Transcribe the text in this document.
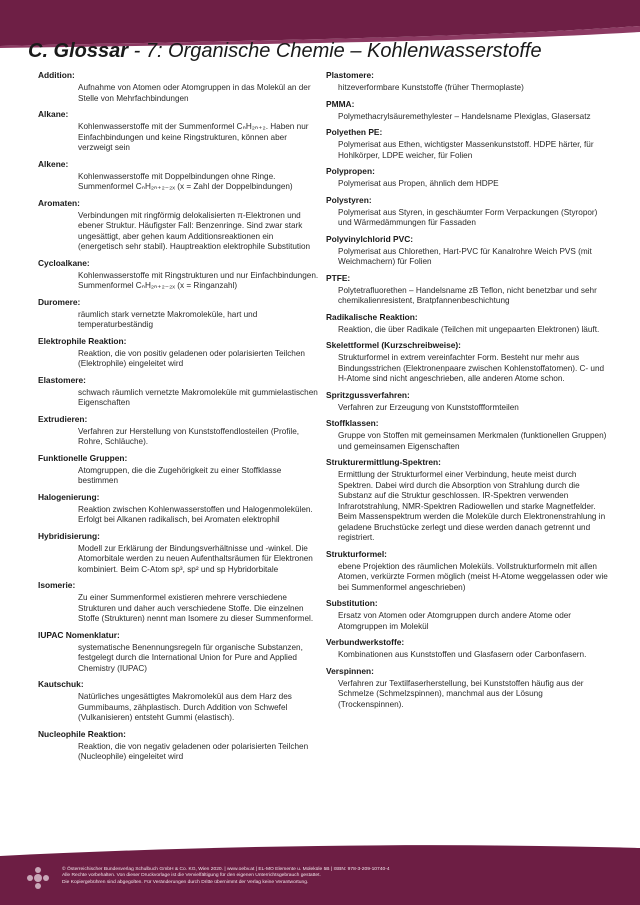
C. Glossar - 7: Organische Chemie – Kohlenwasserstoffe
Addition:
Aufnahme von Atomen oder Atomgruppen in das Molekül an der Stelle von Mehrfachbindungen
Alkane:
Kohlenwasserstoffe mit der Summenformel CₙH₂ₙ₊₂. Haben nur Einfachbindungen und keine Ringstrukturen, können aber verzweigt sein
Alkene:
Kohlenwasserstoffe mit Doppelbindungen ohne Ringe. Summenformel CₙH₂ₙ₊₂₋₂ₓ (x = Zahl der Doppelbindungen)
Aromaten:
Verbindungen mit ringförmig delokalisierten π-Elektronen und ebener Struktur. Häufigster Fall: Benzenringe. Sind zwar stark ungesättigt, aber gehen kaum Additionsreaktionen ein (energetisch sehr stabil). Hauptreaktion elektrophile Substitution
Cycloalkane:
Kohlenwasserstoffe mit Ringstrukturen und nur Einfachbindungen. Summenformel CₙH₂ₙ₊₂₋₂ₓ (x = Ringanzahl)
Duromere:
räumlich stark vernetzte Makromoleküle, hart und temperaturbeständig
Elektrophile Reaktion:
Reaktion, die von positiv geladenen oder polarisierten Teilchen (Elektrophile) eingeleitet wird
Elastomere:
schwach räumlich vernetzte Makromoleküle mit gummielastischen Eigenschaften
Extrudieren:
Verfahren zur Herstellung von Kunststoffendlosteilen (Profile, Rohre, Schläuche).
Funktionelle Gruppen:
Atomgruppen, die die Zugehörigkeit zu einer Stoffklasse bestimmen
Halogenierung:
Reaktion zwischen Kohlenwasserstoffen und Halogenmolekülen. Erfolgt bei Alkanen radikalisch, bei Aromaten elektrophil
Hybridisierung:
Modell zur Erklärung der Bindungsverhältnisse und -winkel. Die Atomorbitale werden zu neuen Aufenthaltsräumen für Elektronen kombiniert. Beim C-Atom sp³, sp² und sp Hybridorbitale
Isomerie:
Zu einer Summenformel existieren mehrere verschiedene Strukturen und daher auch verschiedene Stoffe. Die einzelnen Stoffe (Strukturen) nennt man Isomere zu dieser Summenformel.
IUPAC Nomenklatur:
systematische Benennungsregeln für organische Substanzen, festgelegt durch die International Union for Pure and Applied Chemistry (IUPAC)
Kautschuk:
Natürliches ungesättigtes Makromolekül aus dem Harz des Gummibaums, zähplastisch. Durch Addition von Schwefel (Vulkanisieren) entsteht Gummi (elastisch).
Nucleophile Reaktion:
Reaktion, die von negativ geladenen oder polarisierten Teilchen (Nucleophile) eingeleitet wird
Plastomere:
hitzeverformbare Kunststoffe (früher Thermoplaste)
PMMA:
Polymethacrylsäuremethylester – Handelsname Plexiglas, Glasersatz
Polyethen PE:
Polymerisat aus Ethen, wichtigster Massenkunststoff. HDPE härter, für Hohlkörper, LDPE weicher, für Folien
Polypropen:
Polymerisat aus Propen, ähnlich dem HDPE
Polystyren:
Polymerisat aus Styren, in geschäumter Form Verpackungen (Styropor) und Wärmedämmungen für Fassaden
Polyvinylchlorid PVC:
Polymerisat aus Chlorethen, Hart-PVC für Kanalrohre Weich PVS (mit Weichmachern) für Folien
PTFE:
Polytetrafluorethen – Handelsname zB Teflon, nicht benetzbar und sehr chemikalienresistent, Bratpfannenbeschichtung
Radikalische Reaktion:
Reaktion, die über Radikale (Teilchen mit ungepaarten Elektronen) läuft.
Skelettformel (Kurzschreibweise):
Strukturformel in extrem vereinfachter Form. Besteht nur mehr aus Bindungsstrichen (Elektronenpaare zwischen Kohlenstoffatomen). C- und H-Atome sind nicht angeschrieben, alle anderen Atome schon.
Spritzgussverfahren:
Verfahren zur Erzeugung von Kunststoffformteilen
Stoffklassen:
Gruppe von Stoffen mit gemeinsamen Merkmalen (funktionellen Gruppen) und gemeinsamen Eigenschaften
Strukturermittlung-Spektren:
Ermittlung der Strukturformel einer Verbindung, heute meist durch Spektren. Dabei wird durch die Absorption von Strahlung durch die Substanz auf die Struktur geschlossen. IR-Spektren verwenden Infrarotstrahlung, NMR-Spektren Radiowellen und starke Magnetfelder. Beim Massenspektrum werden die Moleküle durch Elektronenstrahlung in geladene Bruchstücke zerlegt und diese werden danach getrennt und registriert.
Strukturformel:
ebene Projektion des räumlichen Moleküls. Vollstrukturformeln mit allen Atomen, verkürzte Formen möglich (meist H-Atome weggelassen oder wie bei Summenformel angeschrieben)
Substitution:
Ersatz von Atomen oder Atomgruppen durch andere Atome oder Atomgruppen im Molekül
Verbundwerkstoffe:
Kombinationen aus Kunststoffen und Glasfasern oder Carbonfasern.
Verspinnen:
Verfahren zur Textilfaserherstellung, bei Kunststoffen häufig aus der Schmelze (Schmelzspinnen), manchmal aus der Lösung (Trockenspinnen).
© Österreichischer Bundesverlag Schulbuch GmbH & Co. KG, Wien 2020. | www.oebv.at | EL-MO Elemente u. Moleküle 5B | ISBN: 978-3-209-10740-4
Alle Rechte vorbehalten. Von dieser Druckvorlage ist die Vervielfältigung für den eigenen Unterrichtsgebrauch gestattet.
Die Kopiergebühren sind abgegolten. Für Veränderungen durch Dritte übernimmt der Verlag keine Verantwortung.
